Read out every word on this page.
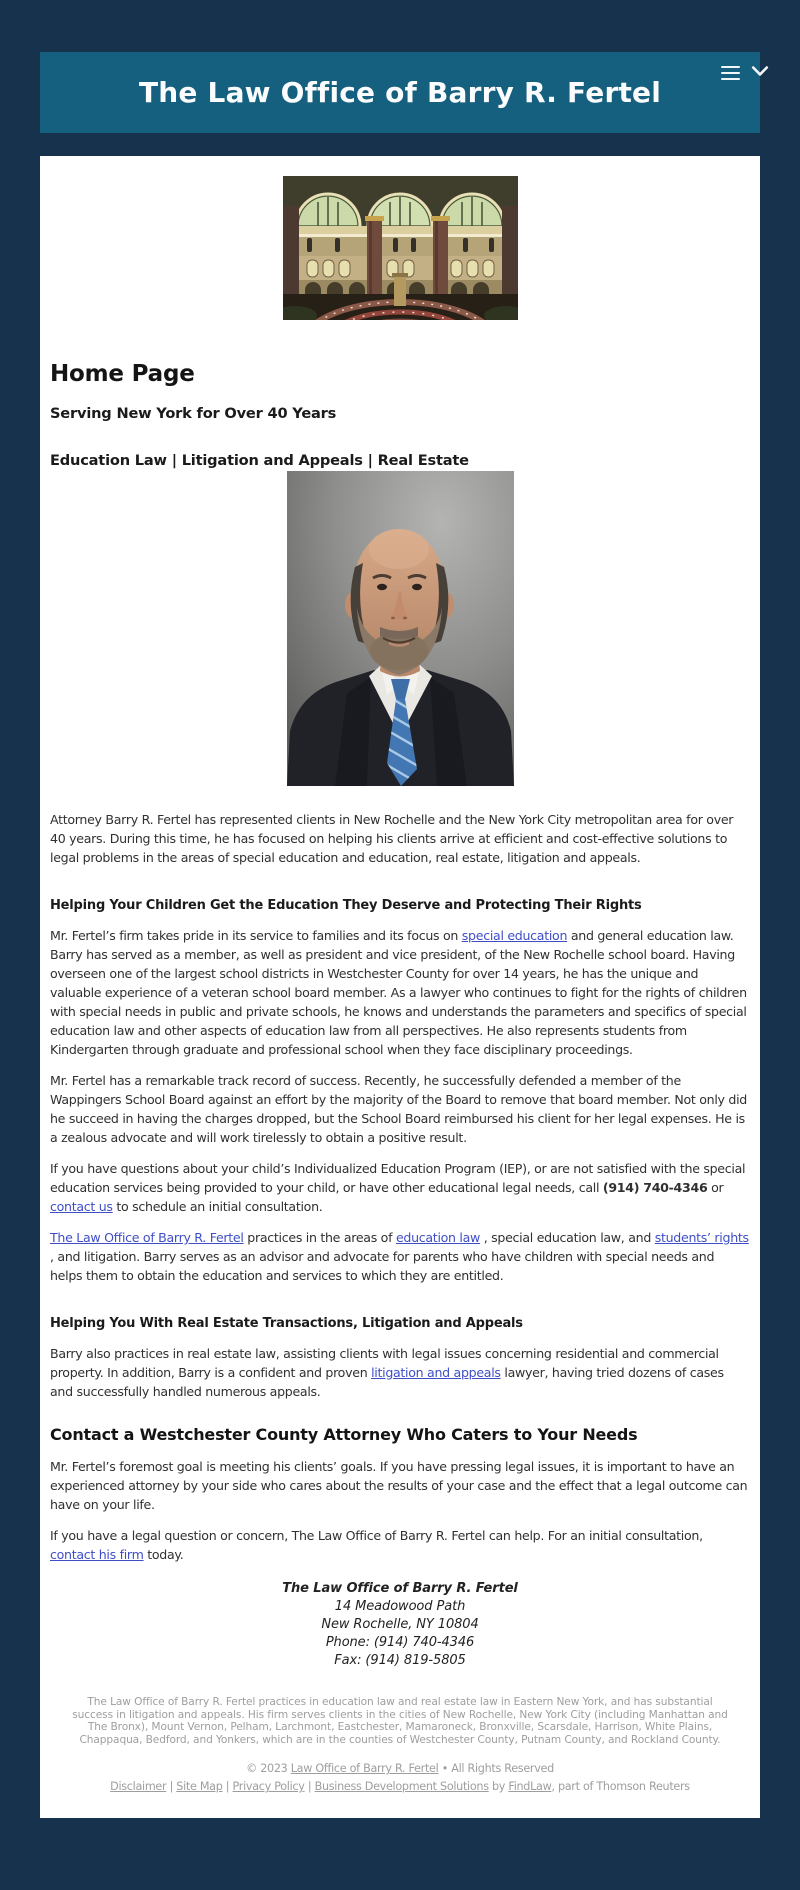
The Law Office of Barry R. Fertel
Home Page

Serving New York for Over 40 Years

Education Law | Litigation and Appeals | Real Estate

Attorney Barry R. Fertel has represented clients in New Rochelle and the New York City metropolitan area for over 40 years. During this time, he has focused on helping his clients arrive at efficient and cost-effective solutions to legal problems in the areas of special education and education, real estate, litigation and appeals.

Helping Your Children Get the Education They Deserve and Protecting Their Rights

Mr. Fertel’s firm takes pride in its service to families and its focus on special education and general education law. Barry has served as a member, as well as president and vice president, of the New Rochelle school board. Having overseen one of the largest school districts in Westchester County for over 14 years, he has the unique and valuable experience of a veteran school board member. As a lawyer who continues to fight for the rights of children with special needs in public and private schools, he knows and understands the parameters and specifics of special education law and other aspects of education law from all perspectives. He also represents students from Kindergarten through graduate and professional school when they face disciplinary proceedings.

Mr. Fertel has a remarkable track record of success. Recently, he successfully defended a member of the Wappingers School Board against an effort by the majority of the Board to remove that board member. Not only did he succeed in having the charges dropped, but the School Board reimbursed his client for her legal expenses. He is a zealous advocate and will work tirelessly to obtain a positive result.

If you have questions about your child’s Individualized Education Program (IEP), or are not satisfied with the special education services being provided to your child, or have other educational legal needs, call (914) 740-4346 or contact us to schedule an initial consultation.

The Law Office of Barry R. Fertel practices in the areas of education law , special education law, and students’ rights , and litigation. Barry serves as an advisor and advocate for parents who have children with special needs and helps them to obtain the education and services to which they are entitled.

Helping You With Real Estate Transactions, Litigation and Appeals

Barry also practices in real estate law, assisting clients with legal issues concerning residential and commercial property. In addition, Barry is a confident and proven litigation and appeals lawyer, having tried dozens of cases and successfully handled numerous appeals.

Contact a Westchester County Attorney Who Caters to Your Needs

Mr. Fertel’s foremost goal is meeting his clients’ goals. If you have pressing legal issues, it is important to have an experienced attorney by your side who cares about the results of your case and the effect that a legal outcome can have on your life.

If you have a legal question or concern, The Law Office of Barry R. Fertel can help. For an initial consultation, contact his firm today.

The Law Office of Barry R. Fertel
14 Meadowood Path
New Rochelle, NY 10804
Phone: (914) 740-4346
Fax: (914) 819-5805
The Law Office of Barry R. Fertel practices in education law and real estate law in Eastern New York, and has substantial success in litigation and appeals. His firm serves clients in the cities of New Rochelle, New York City (including Manhattan and The Bronx), Mount Vernon, Pelham, Larchmont, Eastchester, Mamaroneck, Bronxville, Scarsdale, Harrison, White Plains, Chappaqua, Bedford, and Yonkers, which are in the counties of Westchester County, Putnam County, and Rockland County.
© 2023 Law Office of Barry R. Fertel • All Rights Reserved
Disclaimer | Site Map | Privacy Policy | Business Development Solutions by FindLaw, part of Thomson Reuters
